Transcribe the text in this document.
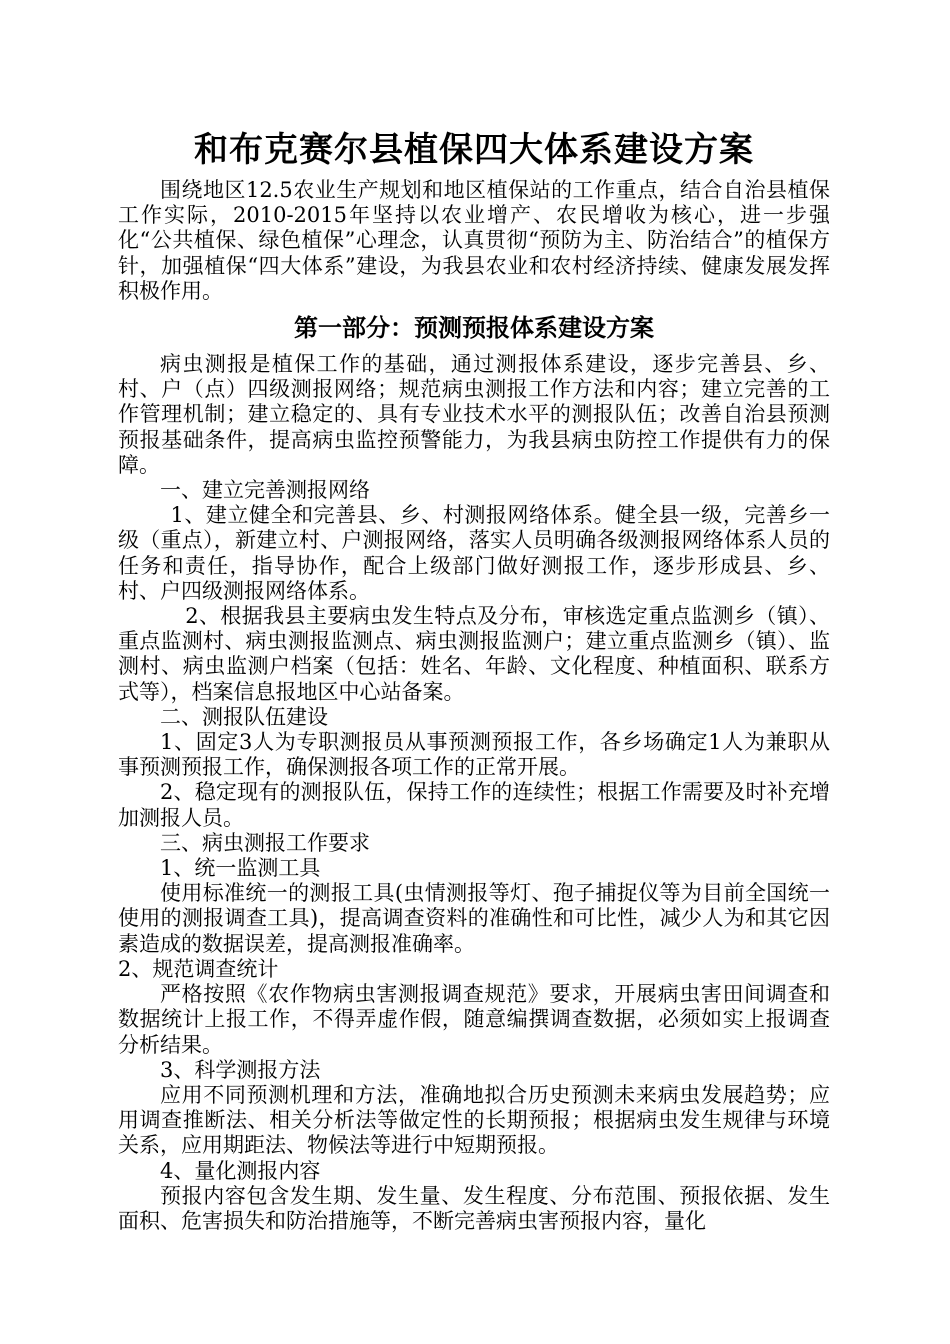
和布克赛尔县植保四大体系建设方案

围绕地区12.5农业生产规划和地区植保站的工作重点，结合自治县植保工作实际，2010-2015年坚持以农业增产、农民增收为核心，进一步强化“公共植保、绿色植保”心理念，认真贯彻“预防为主、防治结合”的植保方针，加强植保“四大体系”建设，为我县农业和农村经济持续、健康发展发挥积极作用。

第一部分：预测预报体系建设方案

病虫测报是植保工作的基础，通过测报体系建设，逐步完善县、乡、村、户（点）四级测报网络；规范病虫测报工作方法和内容；建立完善的工作管理机制；建立稳定的、具有专业技术水平的测报队伍；改善自治县预测预报基础条件，提高病虫监控预警能力，为我县病虫防控工作提供有力的保障。

一、建立完善测报网络

1、建立健全和完善县、乡、村测报网络体系。健全县一级，完善乡一级（重点），新建立村、户测报网络，落实人员明确各级测报网络体系人员的任务和责任，指导协作，配合上级部门做好测报工作，逐步形成县、乡、村、户四级测报网络体系。

2、根据我县主要病虫发生特点及分布，审核选定重点监测乡（镇）、重点监测村、病虫测报监测点、病虫测报监测户；建立重点监测乡（镇）、监测村、病虫监测户档案（包括：姓名、年龄、文化程度、种植面积、联系方式等），档案信息报地区中心站备案。

二、测报队伍建设

1、固定3人为专职测报员从事预测预报工作，各乡场确定1人为兼职从事预测预报工作，确保测报各项工作的正常开展。

2、稳定现有的测报队伍，保持工作的连续性；根据工作需要及时补充增加测报人员。

三、病虫测报工作要求

1、统一监测工具

使用标准统一的测报工具(虫情测报等灯、孢子捕捉仪等为目前全国统一使用的测报调查工具)，提高调查资料的准确性和可比性，减少人为和其它因素造成的数据误差，提高测报准确率。

2、规范调查统计

严格按照《农作物病虫害测报调查规范》要求，开展病虫害田间调查和数据统计上报工作，不得弄虚作假，随意编撰调查数据，必须如实上报调查分析结果。

3、科学测报方法

应用不同预测机理和方法，准确地拟合历史预测未来病虫发展趋势；应用调查推断法、相关分析法等做定性的长期预报；根据病虫发生规律与环境关系，应用期距法、物候法等进行中短期预报。

4、量化测报内容

预报内容包含发生期、发生量、发生程度、分布范围、预报依据、发生面积、危害损失和防治措施等，不断完善病虫害预报内容，量化
